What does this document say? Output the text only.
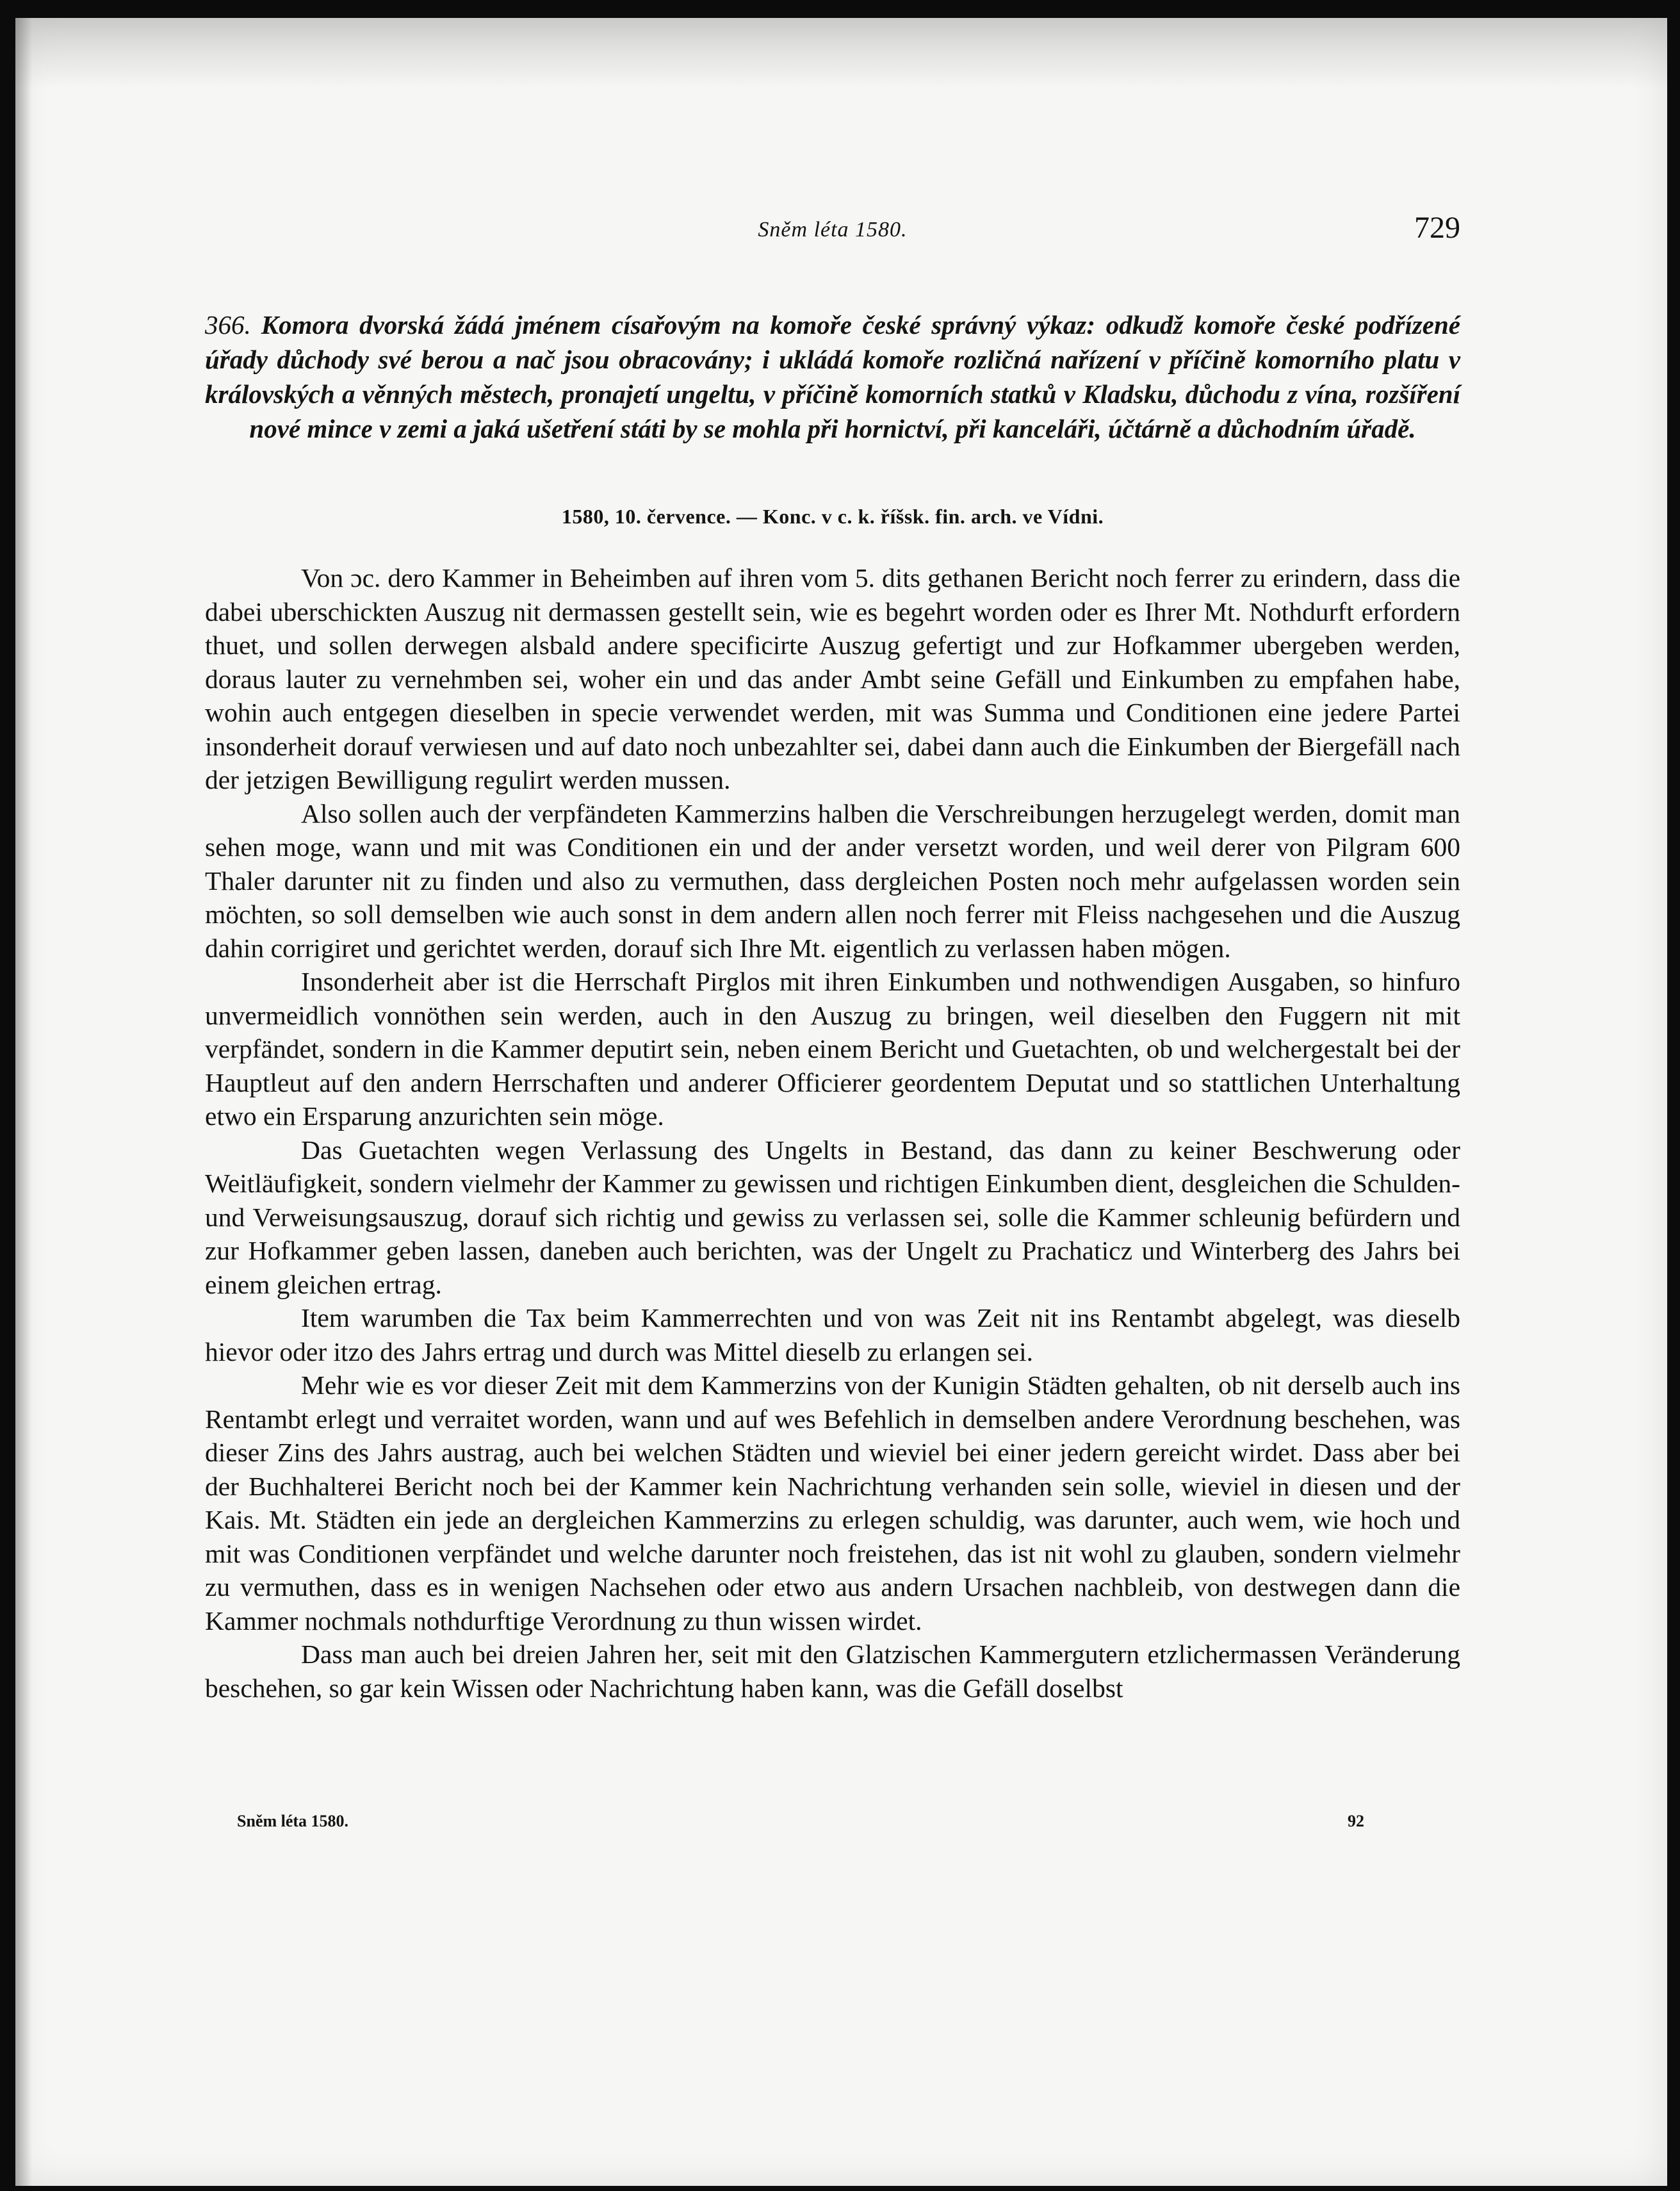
Sněm léta 1580.	729
366. Komora dvorská žádá jménem císařovým na komoře české správný výkaz: odkudž komoře české podřízené úřady důchody své berou a nač jsou obracovány; i ukládá komoře rozličná nařízení v příčině komorního platu v královských a věnných městech, pronajetí ungeltu, v příčině komorních statků v Kladsku, důchodu z vína, rozšíření nové mince v zemi a jaká ušetření státi by se mohla při hornictví, při kanceláři, účtárně a důchodním úřadě.
1580, 10. července. — Konc. v c. k. říšsk. fin. arch. ve Vídni.

Von ɔc. dero Kammer in Beheimben auf ihren vom 5. dits gethanen Bericht noch ferrer zu erindern, dass die dabei uberschickten Auszug nit dermassen gestellt sein, wie es begehrt worden oder es Ihrer Mt. Nothdurft erfordern thuet, und sollen derwegen alsbald andere specificirte Auszug gefertigt und zur Hofkammer ubergeben werden, doraus lauter zu vernehmben sei, woher ein und das ander Ambt seine Gefäll und Einkumben zu empfahen habe, wohin auch entgegen dieselben in specie verwendet werden, mit was Summa und Conditionen eine jedere Partei insonderheit dorauf verwiesen und auf dato noch unbezahlter sei, dabei dann auch die Einkumben der Biergefäll nach der jetzigen Bewilligung regulirt werden mussen.

Also sollen auch der verpfändeten Kammerzins halben die Verschreibungen herzugelegt werden, domit man sehen moge, wann und mit was Conditionen ein und der ander versetzt worden, und weil derer von Pilgram 600 Thaler darunter nit zu finden und also zu vermuthen, dass dergleichen Posten noch mehr aufgelassen worden sein möchten, so soll demselben wie auch sonst in dem andern allen noch ferrer mit Fleiss nachgesehen und die Auszug dahin corrigiret und gerichtet werden, dorauf sich Ihre Mt. eigentlich zu verlassen haben mögen.

Insonderheit aber ist die Herrschaft Pirglos mit ihren Einkumben und nothwendigen Ausgaben, so hinfuro unvermeidlich vonnöthen sein werden, auch in den Auszug zu bringen, weil dieselben den Fuggern nit mit verpfändet, sondern in die Kammer deputirt sein, neben einem Bericht und Guetachten, ob und welchergestalt bei der Hauptleut auf den andern Herrschaften und anderer Officierer geordentem Deputat und so stattlichen Unterhaltung etwo ein Ersparung anzurichten sein möge.

Das Guetachten wegen Verlassung des Ungelts in Bestand, das dann zu keiner Beschwerung oder Weitläufigkeit, sondern vielmehr der Kammer zu gewissen und richtigen Einkumben dient, desgleichen die Schulden- und Verweisungsauszug, dorauf sich richtig und gewiss zu verlassen sei, solle die Kammer schleunig befürdern und zur Hofkammer geben lassen, daneben auch berichten, was der Ungelt zu Prachaticz und Winterberg des Jahrs bei einem gleichen ertrag.

Item warumben die Tax beim Kammerrechten und von was Zeit nit ins Rentambt abgelegt, was dieselb hievor oder itzo des Jahrs ertrag und durch was Mittel dieselb zu erlangen sei.

Mehr wie es vor dieser Zeit mit dem Kammerzins von der Kunigin Städten gehalten, ob nit derselb auch ins Rentambt erlegt und verraitet worden, wann und auf wes Befehlich in demselben andere Verordnung beschehen, was dieser Zins des Jahrs austrag, auch bei welchen Städten und wieviel bei einer jedern gereicht wirdet. Dass aber bei der Buchhalterei Bericht noch bei der Kammer kein Nachrichtung verhanden sein solle, wieviel in diesen und der Kais. Mt. Städten ein jede an dergleichen Kammerzins zu erlegen schuldig, was darunter, auch wem, wie hoch und mit was Conditionen verpfändet und welche darunter noch freistehen, das ist nit wohl zu glauben, sondern vielmehr zu vermuthen, dass es in wenigen Nachsehen oder etwo aus andern Ursachen nachbleib, von destwegen dann die Kammer nochmals nothdurftige Verordnung zu thun wissen wirdet.

Dass man auch bei dreien Jahren her, seit mit den Glatzischen Kammergutern etzlichermassen Veränderung beschehen, so gar kein Wissen oder Nachrichtung haben kann, was die Gefäll doselbst

Sněm léta 1580.	92
